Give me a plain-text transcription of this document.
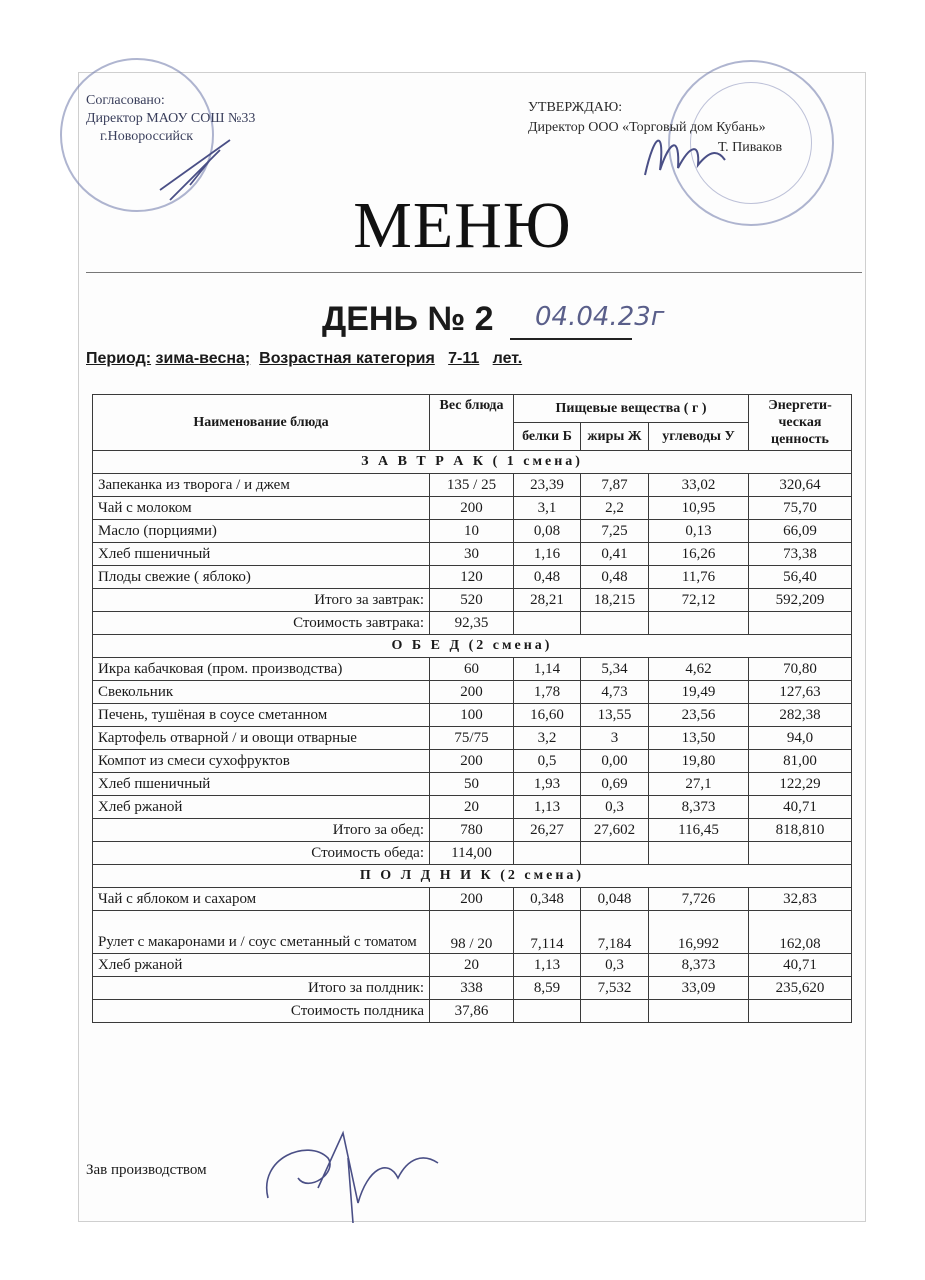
Согласовано:
Директор МАОУ СОШ №33
г.Новороссийск
УТВЕРЖДАЮ:
Директор ООО «Торговый дом Кубань»
Т. Пиваков
МЕНЮ
ДЕНЬ № 2 04.04.23г
Период: зима-весна; Возрастная категория 7-11 лет.
Наименование блюда	Вес блюда	Пищевые вещества ( г )			Энергети-ческая ценность
		белки Б	жиры Ж	углеводы У	
З А В Т Р А К ( 1 смена)					
Запеканка из творога / и джем	135 / 25	23,39	7,87	33,02	320,64
Чай с молоком	200	3,1	2,2	10,95	75,70
Масло (порциями)	10	0,08	7,25	0,13	66,09
Хлеб пшеничный	30	1,16	0,41	16,26	73,38
Плоды свежие ( яблоко)	120	0,48	0,48	11,76	56,40
Итого за завтрак:	520	28,21	18,215	72,12	592,209
Стоимость завтрака:	92,35				
О Б Е Д (2 смена)					
Икра кабачковая (пром. производства)	60	1,14	5,34	4,62	70,80
Свекольник	200	1,78	4,73	19,49	127,63
Печень, тушёная в соусе сметанном	100	16,60	13,55	23,56	282,38
Картофель отварной / и овощи отварные	75/75	3,2	3	13,50	94,0
Компот из смеси сухофруктов	200	0,5	0,00	19,80	81,00
Хлеб пшеничный	50	1,93	0,69	27,1	122,29
Хлеб ржаной	20	1,13	0,3	8,373	40,71
Итого за обед:	780	26,27	27,602	116,45	818,810
Стоимость обеда:	114,00				
П О Л Д Н И К (2 смена)					
Чай с яблоком и сахаром	200	0,348	0,048	7,726	32,83
Рулет с макаронами и / соус сметанный с томатом	98 / 20	7,114	7,184	16,992	162,08
Хлеб ржаной	20	1,13	0,3	8,373	40,71
Итого за полдник:	338	8,59	7,532	33,09	235,620
Стоимость полдника	37,86				
Зав производством
